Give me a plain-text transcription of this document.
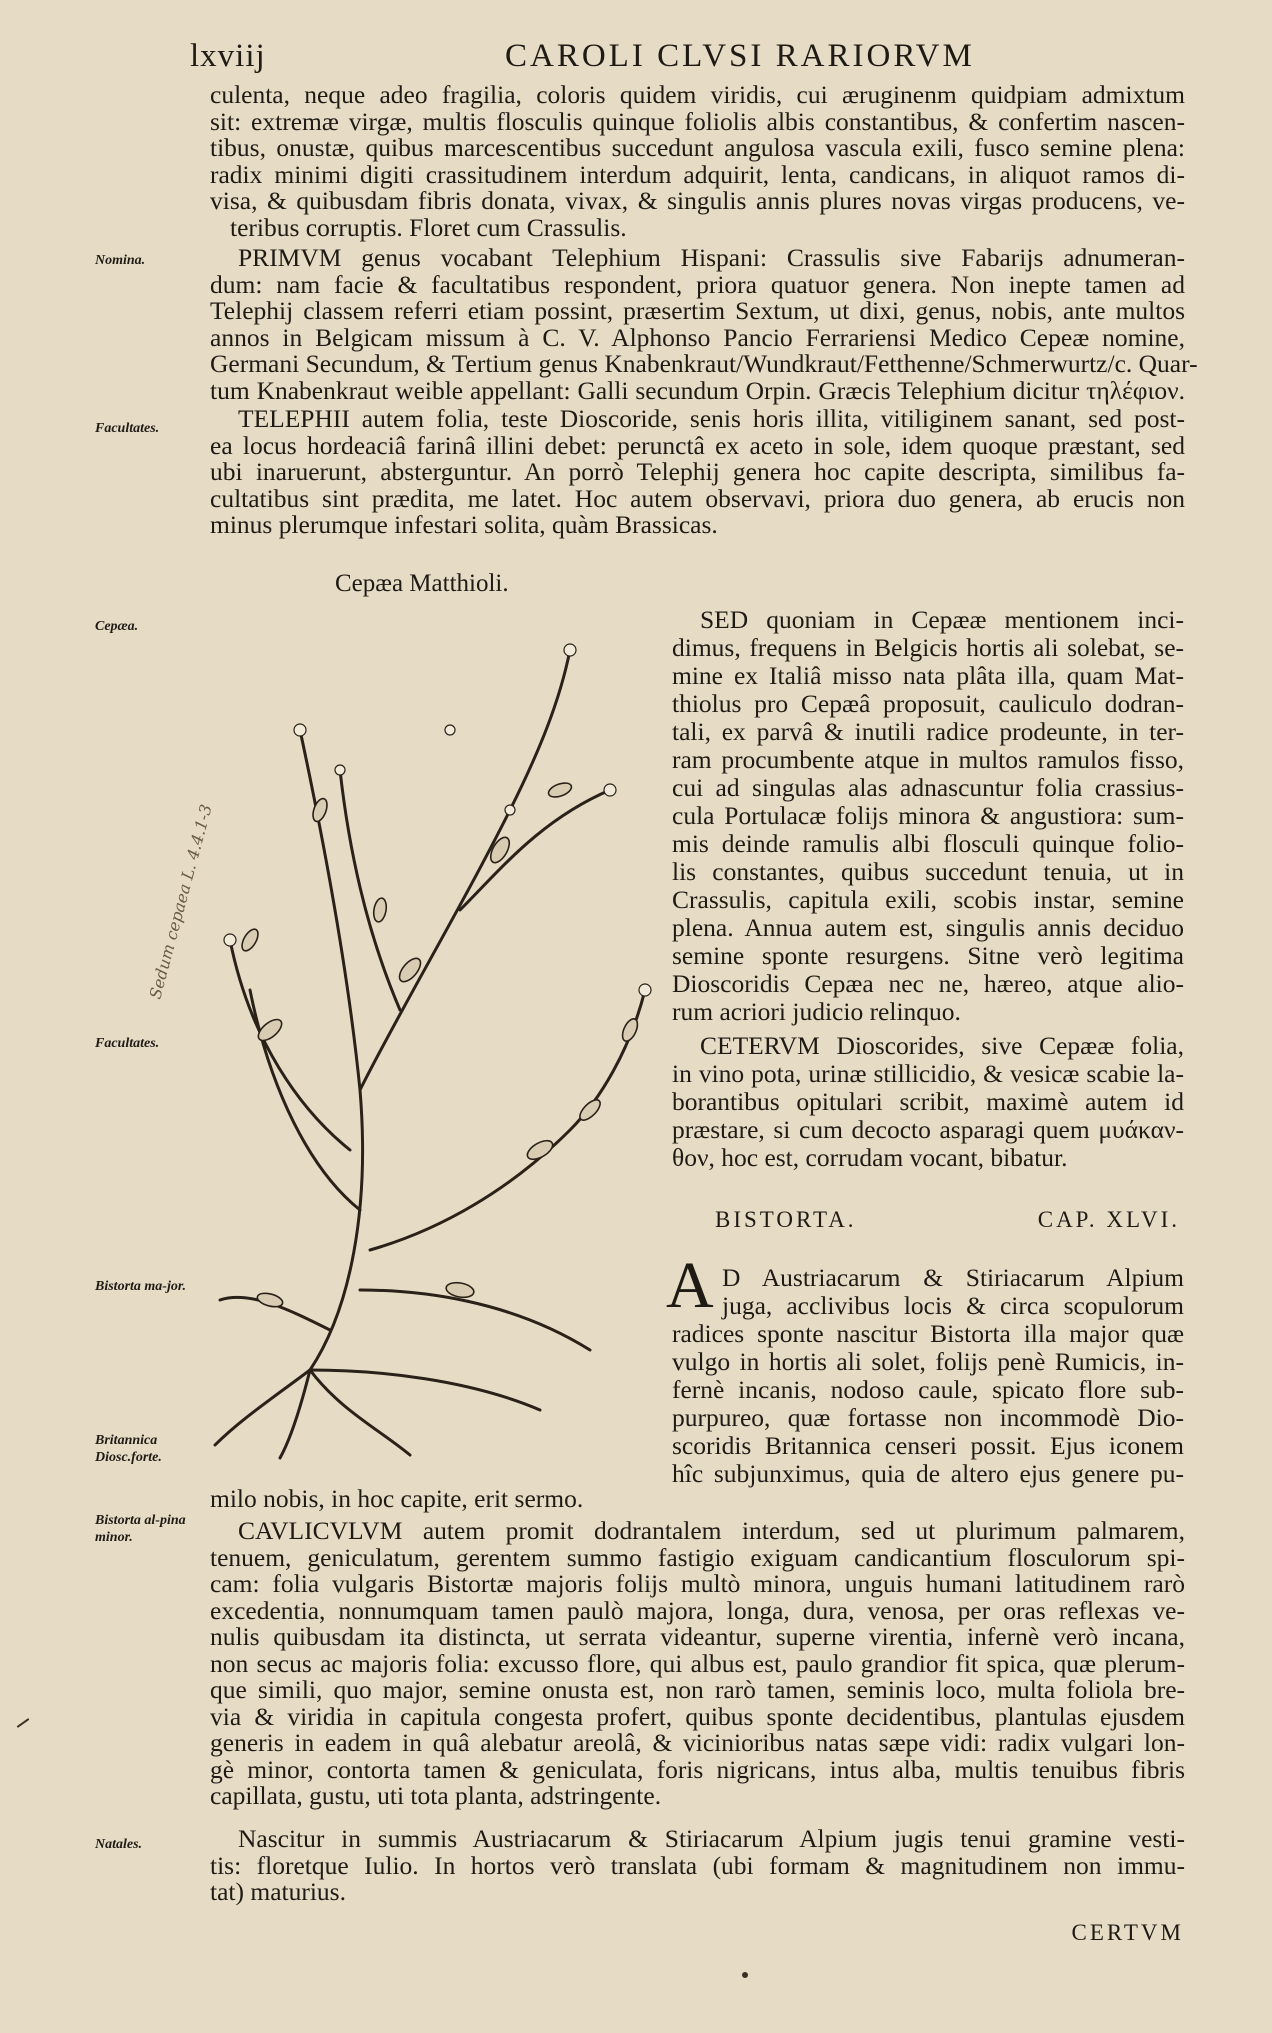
lxviij	CAROLI CLVSI RARIORVM
culenta, neque adeo fragilia, coloris quidem viridis, cui æruginenm quidpiam admixtum
sit: extremæ virgæ, multis flosculis quinque foliolis albis constantibus, & confertim nascen-
tibus, onustæ, quibus marcescentibus succedunt angulosa vascula exili, fusco semine plena:
radix minimi digiti crassitudinem interdum adquirit, lenta, candicans, in aliquot ramos di-
visa, & quibusdam fibris donata, vivax, & singulis annis plures novas virgas producens, ve-
teribus corruptis. Floret cum Crassulis.
PRIMVM genus vocabant Telephium Hispani: Crassulis sive Fabarijs adnumeran-
dum: nam facie & facultatibus respondent, priora quatuor genera. Non inepte tamen ad
Telephij classem referri etiam possint, præsertim Sextum, ut dixi, genus, nobis, ante multos
annos in Belgicam missum à C. V. Alphonso Pancio Ferrariensi Medico Cepeæ nomine,
Germani Secundum, & Tertium genus Knabenkraut/Wundkraut/Fetthenne/Schmerwurtz/c. Quar-
tum Knabenkraut weible appellant: Galli secundum Orpin. Græcis Telephium dicitur τηλέφιον.
TELEPHII autem folia, teste Dioscoride, senis horis illita, vitiliginem sanant, sed post-
ea locus hordeaciâ farinâ illini debet: perunctâ ex aceto in sole, idem quoque præstant, sed
ubi inaruerunt, absterguntur. An porrò Telephij genera hoc capite descripta, similibus fa-
cultatibus sint prædita, me latet. Hoc autem observavi, priora duo genera, ab erucis non
minus plerumque infestari solita, quàm Brassicas.
Cepæa Matthioli.
Sedum cepaea L. 4.4.1-3
SED quoniam in Cepææ mentionem inci-
dimus, frequens in Belgicis hortis ali solebat, se-
mine ex Italiâ misso nata plâta illa, quam Mat-
thiolus pro Cepæâ proposuit, cauliculo dodran-
tali, ex parvâ & inutili radice prodeunte, in ter-
ram procumbente atque in multos ramulos fisso,
cui ad singulas alas adnascuntur folia crassius-
cula Portulacæ folijs minora & angustiora: sum-
mis deinde ramulis albi flosculi quinque folio-
lis constantes, quibus succedunt tenuia, ut in
Crassulis, capitula exili, scobis instar, semine
plena. Annua autem est, singulis annis deciduo
semine sponte resurgens. Sitne verò legitima
Dioscoridis Cepæa nec ne, hæreo, atque alio-
rum acriori judicio relinquo.
CETERVM Dioscorides, sive Cepææ folia,
in vino pota, urinæ stillicidio, & vesicæ scabie la-
borantibus opitulari scribit, maximè autem id
præstare, si cum decocto asparagi quem μυάκαν-
θον, hoc est, corrudam vocant, bibatur.
BISTORTA.	CAP. XLVI.
A D Austriacarum & Stiriacarum Alpium
juga, acclivibus locis & circa scopulorum
radices sponte nascitur Bistorta illa major quæ
vulgo in hortis ali solet, folijs penè Rumicis, in-
fernè incanis, nodoso caule, spicato flore sub-
purpureo, quæ fortasse non incommodè Dio-
scoridis Britannica censeri possit. Ejus iconem
hîc subjunximus, quia de altero ejus genere pu-
milo nobis, in hoc capite, erit sermo.
CAVLICVLVM autem promit dodrantalem interdum, sed ut plurimum palmarem,
tenuem, geniculatum, gerentem summo fastigio exiguam candicantium flosculorum spi-
cam: folia vulgaris Bistortæ majoris folijs multò minora, unguis humani latitudinem rarò
excedentia, nonnumquam tamen paulò majora, longa, dura, venosa, per oras reflexas ve-
nulis quibusdam ita distincta, ut serrata videantur, superne virentia, infernè verò incana,
non secus ac majoris folia: excusso flore, qui albus est, paulo grandior fit spica, quæ plerum-
que simili, quo major, semine onusta est, non rarò tamen, seminis loco, multa foliola bre-
via & viridia in capitula congesta profert, quibus sponte decidentibus, plantulas ejusdem
generis in eadem in quâ alebatur areolâ, & vicinioribus natas sæpe vidi: radix vulgari lon-
gè minor, contorta tamen & geniculata, foris nigricans, intus alba, multis tenuibus fibris
capillata, gustu, uti tota planta, adstringente.
Nascitur in summis Austriacarum & Stiriacarum Alpium jugis tenui gramine vesti-
tis: floretque Iulio. In hortos verò translata (ubi formam & magnitudinem non immu-
tat) maturius.
CERTVM
Nomina.
Facultates.
Cepæa.
Facultates.
Bistorta ma-jor.
Britannica Diosc.forte.
Bistorta al-pina minor.
Natales.
